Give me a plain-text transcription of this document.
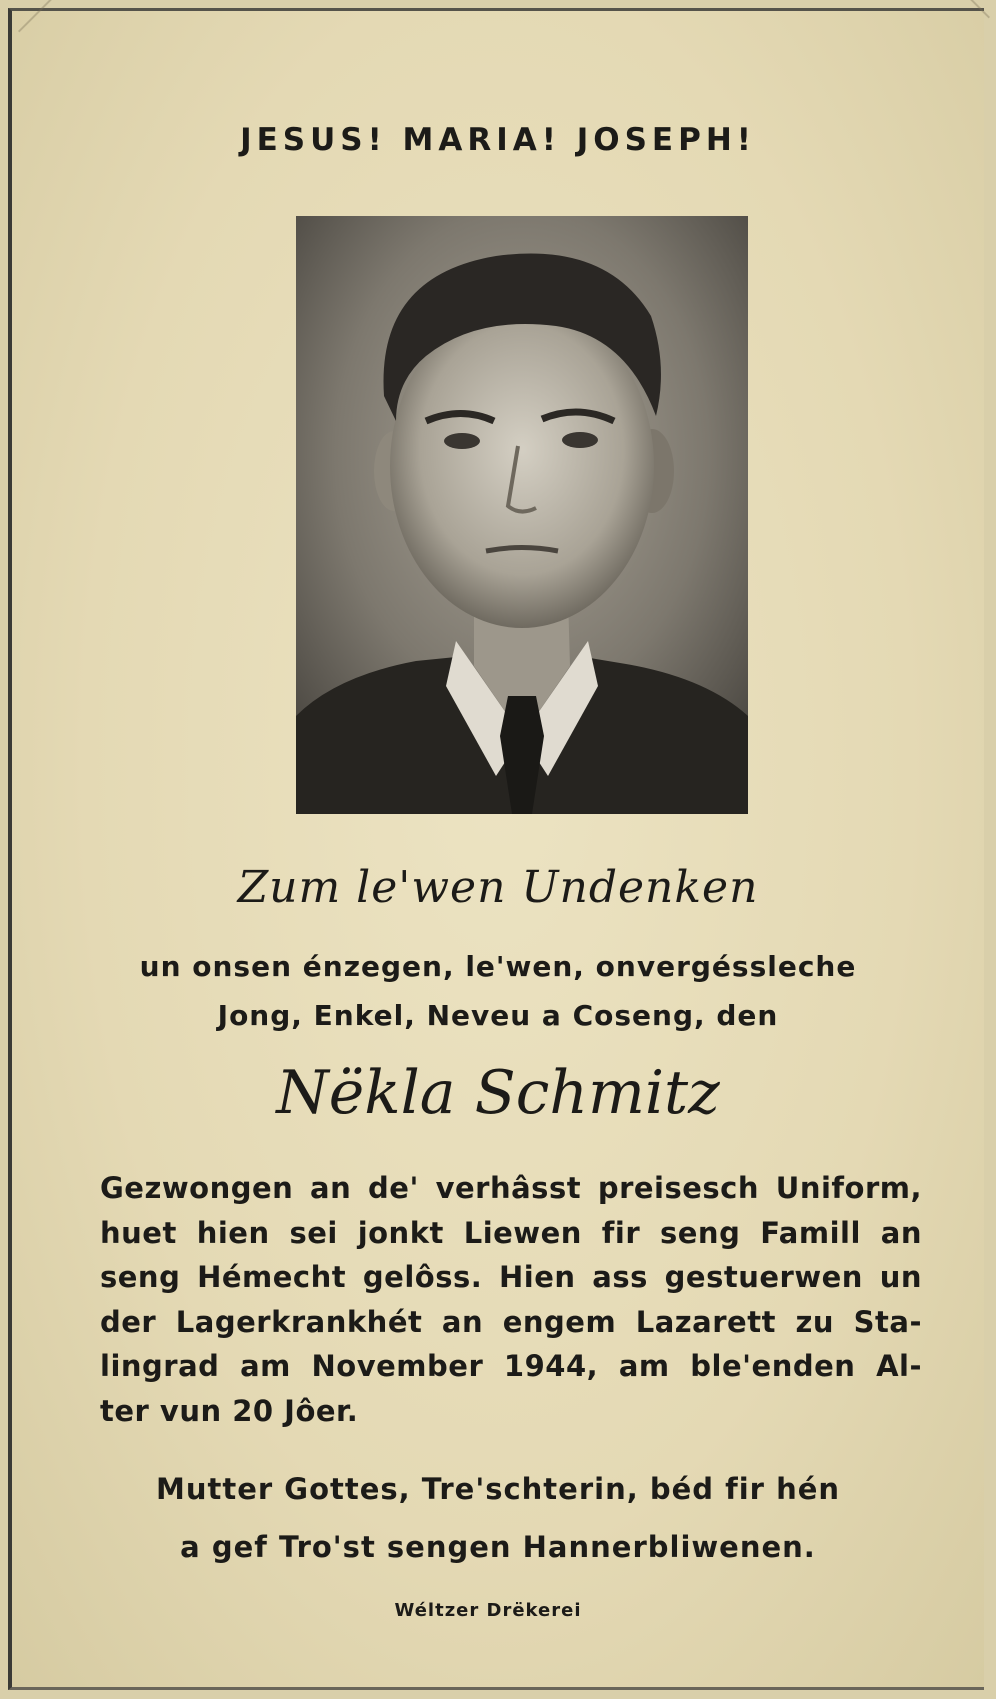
JESUS! MARIA! JOSEPH!
Zum le'wen Undenken
un onsen énzegen, le'wen, onvergéssleche
Jong, Enkel, Neveu a Coseng, den
Nëkla Schmitz
Gezwongen an de' verhâsst preisesch Uniform,
huet hien sei jonkt Liewen fir seng Famill an
seng Hémecht gelôss. Hien ass gestuerwen un
der Lagerkrankhét an engem Lazarett zu Sta-
lingrad am November 1944, am ble'enden Al-
ter vun 20 Jôer.
Mutter Gottes, Tre'schterin, béd fir hén
a gef Tro'st sengen Hannerbliwenen.
Wéltzer Drëkerei
